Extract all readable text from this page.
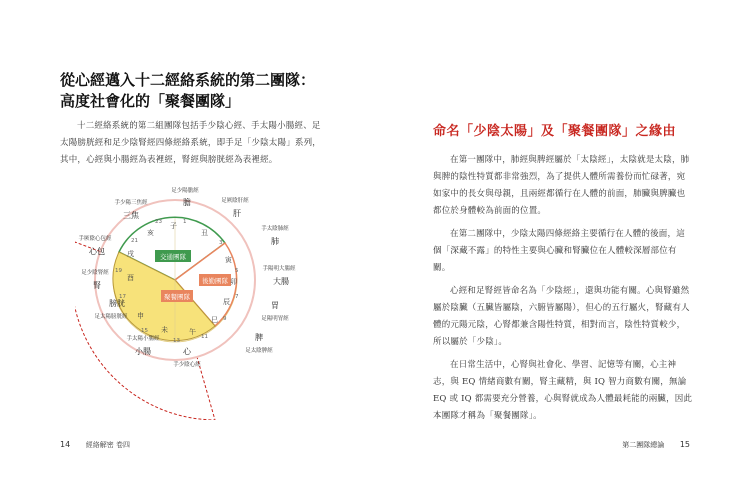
從心經邁入十二經絡系統的第二團隊：
高度社會化的「聚餐團隊」

十二經絡系統的第二組團隊包括手少陰心經、手太陽小腸經、足太陽膀胱經和足少陰腎經四條經絡系統，即手足「少陰太陽」系列，其中，心經與小腸經為表裡經，腎經與膀胱經為表裡經。

交通團隊
後勤團隊
聚餐團隊
子
丑
寅
卯
辰
巳
午
未
申
酉
戌
亥
23	1
3
5
7
9
11
13
15
17
19
21
足少陽膽經
膽	足厥陰肝經
肝
手少陽三焦經
三焦
手太陰肺經
肺
手厥陰心包經
心包
手陽明大腸經
大腸
足少陰腎經
腎
胃
足陽明胃經
膀胱
足太陽膀胱經
脾
足太陰脾經
手太陽小腸經
小腸	心
手少陰心經
14 經絡解密 卷四
命名「少陰太陽」及「聚餐團隊」之緣由

在第一團隊中，肺經與脾經屬於「太陰經」，太陰就是太陰，肺與脾的陰性特質都非常強烈，為了提供人體所需養份而忙碌著，宛如家中的長女與母親，且兩經都循行在人體的前面，肺臟與脾臟也都位於身體較為前面的位置。

在第二團隊中，少陰太陽四條經絡主要循行在人體的後面，這個「深藏不露」的特性主要與心臟和腎臟位在人體較深層部位有關。

心經和足腎經皆命名為「少陰經」，還與功能有關。心與腎雖然屬於陰臟（五臟皆屬陰，六腑皆屬陽），但心的五行屬火，腎藏有人體的元陽元陰，心腎都兼含陽性特質，相對而言，陰性特質較少，所以屬於「少陰」。

在日常生活中，心腎與社會化、學習、記憶等有關，心主神志，與 EQ 情緒商數有關，腎主藏精，與 IQ 智力商數有關，無論 EQ 或 IQ 都需要充分營養，心與腎就成為人體最耗能的兩臟，因此本團隊才稱為「聚餐團隊」。

第二團隊總論 15
